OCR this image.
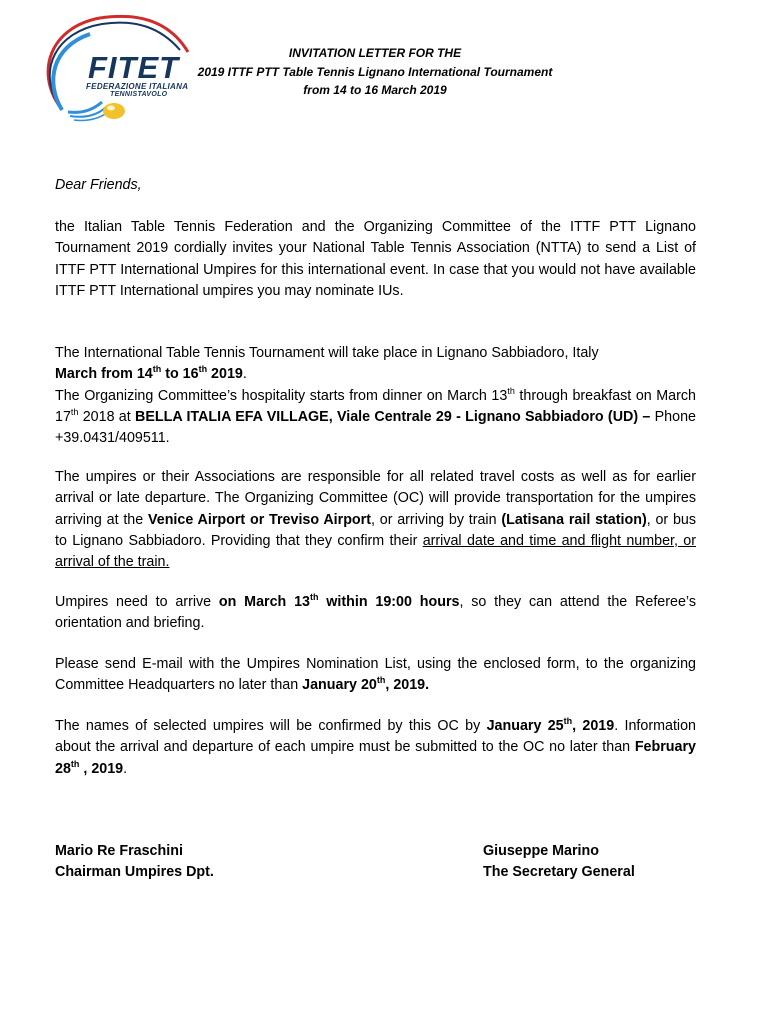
FITET
FEDERAZIONE ITALIANA
TENNISTAVOLO
INVITATION LETTER FOR THE
2019 ITTF PTT Table Tennis Lignano International Tournament
from 14 to 16 March 2019
Dear Friends,
the Italian Table Tennis Federation and the Organizing Committee of the ITTF PTT Lignano Tournament 2019 cordially invites your National Table Tennis Association (NTTA) to send a List of ITTF PTT International Umpires for this international event. In case that you would not have available ITTF PTT International umpires you may nominate IUs.
The International Table Tennis Tournament will take place in Lignano Sabbiadoro, Italy
March from 14th to 16th 2019.
The Organizing Committee’s hospitality starts from dinner on March 13th through breakfast on March 17th 2018 at BELLA ITALIA EFA VILLAGE, Viale Centrale 29 - Lignano Sabbiadoro (UD) – Phone +39.0431/409511.
The umpires or their Associations are responsible for all related travel costs as well as for earlier arrival or late departure. The Organizing Committee (OC) will provide transportation for the umpires arriving at the Venice Airport or Treviso Airport, or arriving by train (Latisana rail station), or bus to Lignano Sabbiadoro. Providing that they confirm their arrival date and time and flight number, or arrival of the train.
Umpires need to arrive on March 13th within 19:00 hours, so they can attend the Referee’s orientation and briefing.
Please send E-mail with the Umpires Nomination List, using the enclosed form, to the organizing Committee Headquarters no later than January 20th, 2019.
The names of selected umpires will be confirmed by this OC by January 25th, 2019. Information about the arrival and departure of each umpire must be submitted to the OC no later than February 28th , 2019.
Mario Re Fraschini
Chairman Umpires Dpt.
Giuseppe Marino
The Secretary General
